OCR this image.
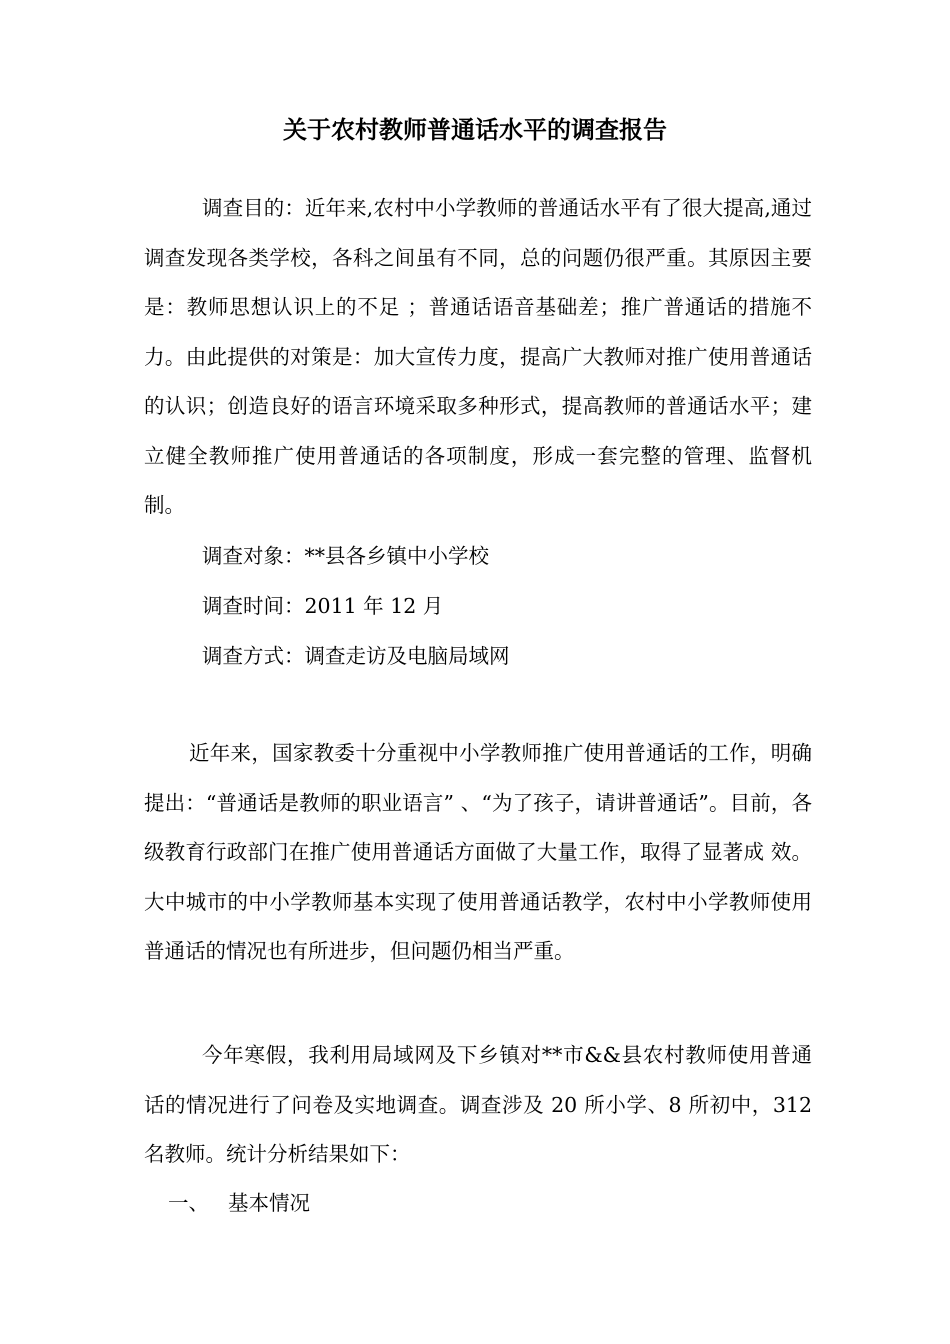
关于农村教师普通话水平的调查报告

调查目的：近年来,农村中小学教师的普通话水平有了很大提高,通过调查发现各类学校，各科之间虽有不同，总的问题仍很严重。其原因主要是：教师思想认识上的不足 ；普通话语音基础差；推广普通话的措施不力。由此提供的对策是：加大宣传力度，提高广大教师对推广使用普通话的认识；创造良好的语言环境采取多种形式，提高教师的普通话水平；建立健全教师推广使用普通话的各项制度，形成一套完整的管理、监督机制。

调查对象：**县各乡镇中小学校
调查时间：2011 年 12 月
调查方式：调查走访及电脑局域网

近年来，国家教委十分重视中小学教师推广使用普通话的工作，明确提出：“普通话是教师的职业语言” 、“为了孩子，请讲普通话”。目前，各级教育行政部门在推广使用普通话方面做了大量工作，取得了显著成 效。大中城市的中小学教师基本实现了使用普通话教学，农村中小学教师使用普通话的情况也有所进步，但问题仍相当严重。

今年寒假，我利用局域网及下乡镇对**市&&县农村教师使用普通话的情况进行了问卷及实地调查。调查涉及 20 所小学、8 所初中，312 名教师。统计分析结果如下：

一、 基本情况
